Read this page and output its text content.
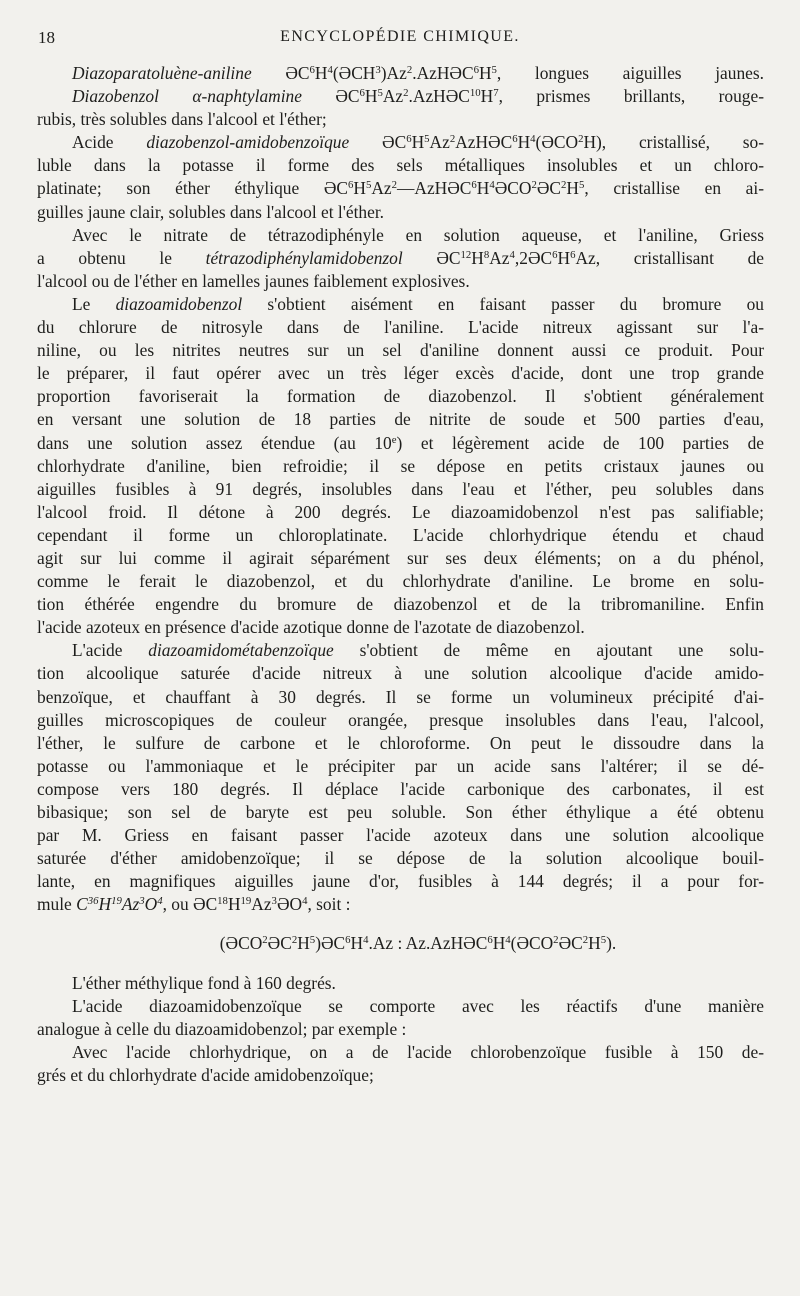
18	ENCYCLOPÉDIE CHIMIQUE.
Diazoparatoluène-aniline $ƏC^6H^4(ƏCH^3)Az^2.AzHƏC^6H^5$, longues aiguilles jaunes.
Diazobenzol α-naphtylamine $ƏC^6H^5Az^2.AzHƏC^{10}H^7$, prismes brillants, rouge-
rubis, très solubles dans l'alcool et l'éther;
Acide diazobenzol-amidobenzoïque $ƏC^6H^5Az^2AzHƏC^6H^4(ƏCO^2H)$, cristallisé, so-
luble dans la potasse il forme des sels métalliques insolubles et un chloro-
platinate; son éther éthylique $ƏC^6H^5Az^2—AzHƏC^6H^4ƏCO^2ƏC^2H^5$, cristallise en ai-
guilles jaune clair, solubles dans l'alcool et l'éther.
Avec le nitrate de tétrazodiphényle en solution aqueuse, et l'aniline, Griess
a obtenu le tétrazodiphénylamidobenzol $ƏC^{12}H^8Az^4,2ƏC^6H^6Az$, cristallisant de
l'alcool ou de l'éther en lamelles jaunes faiblement explosives.
Le diazoamidobenzol s'obtient aisément en faisant passer du bromure ou
du chlorure de nitrosyle dans de l'aniline. L'acide nitreux agissant sur l'a-
niline, ou les nitrites neutres sur un sel d'aniline donnent aussi ce produit. Pour
le préparer, il faut opérer avec un très léger excès d'acide, dont une trop grande
proportion favoriserait la formation de diazobenzol. Il s'obtient généralement
en versant une solution de 18 parties de nitrite de soude et 500 parties d'eau,
dans une solution assez étendue (au 10e) et légèrement acide de 100 parties de
chlorhydrate d'aniline, bien refroidie; il se dépose en petits cristaux jaunes ou
aiguilles fusibles à 91 degrés, insolubles dans l'eau et l'éther, peu solubles dans
l'alcool froid. Il détone à 200 degrés. Le diazoamidobenzol n'est pas salifiable;
cependant il forme un chloroplatinate. L'acide chlorhydrique étendu et chaud
agit sur lui comme il agirait séparément sur ses deux éléments; on a du phénol,
comme le ferait le diazobenzol, et du chlorhydrate d'aniline. Le brome en solu-
tion éthérée engendre du bromure de diazobenzol et de la tribromaniline. Enfin
l'acide azoteux en présence d'acide azotique donne de l'azotate de diazobenzol.
L'acide diazoamidométabenzoïque s'obtient de même en ajoutant une solu-
tion alcoolique saturée d'acide nitreux à une solution alcoolique d'acide amido-
benzoïque, et chauffant à 30 degrés. Il se forme un volumineux précipité d'ai-
guilles microscopiques de couleur orangée, presque insolubles dans l'eau, l'alcool,
l'éther, le sulfure de carbone et le chloroforme. On peut le dissoudre dans la
potasse ou l'ammoniaque et le précipiter par un acide sans l'altérer; il se dé-
compose vers 180 degrés. Il déplace l'acide carbonique des carbonates, il est
bibasique; son sel de baryte est peu soluble. Son éther éthylique a été obtenu
par M. Griess en faisant passer l'acide azoteux dans une solution alcoolique
saturée d'éther amidobenzoïque; il se dépose de la solution alcoolique bouil-
lante, en magnifiques aiguilles jaune d'or, fusibles à 144 degrés; il a pour for-
mule $C^{36}H^{19}Az^3O^4$, ou $ƏC^{18}H^{19}Az^3ƏO^4$, soit :
$(ƏCO^2ƏC^2H^5)ƏC^6H^4.Az$ : $Az.AzHƏC^6H^4(ƏCO^2ƏC^2H^5)$.
L'éther méthylique fond à 160 degrés.
L'acide diazoamidobenzoïque se comporte avec les réactifs d'une manière
analogue à celle du diazoamidobenzol; par exemple :
Avec l'acide chlorhydrique, on a de l'acide chlorobenzoïque fusible à 150 de-
grés et du chlorhydrate d'acide amidobenzoïque;
